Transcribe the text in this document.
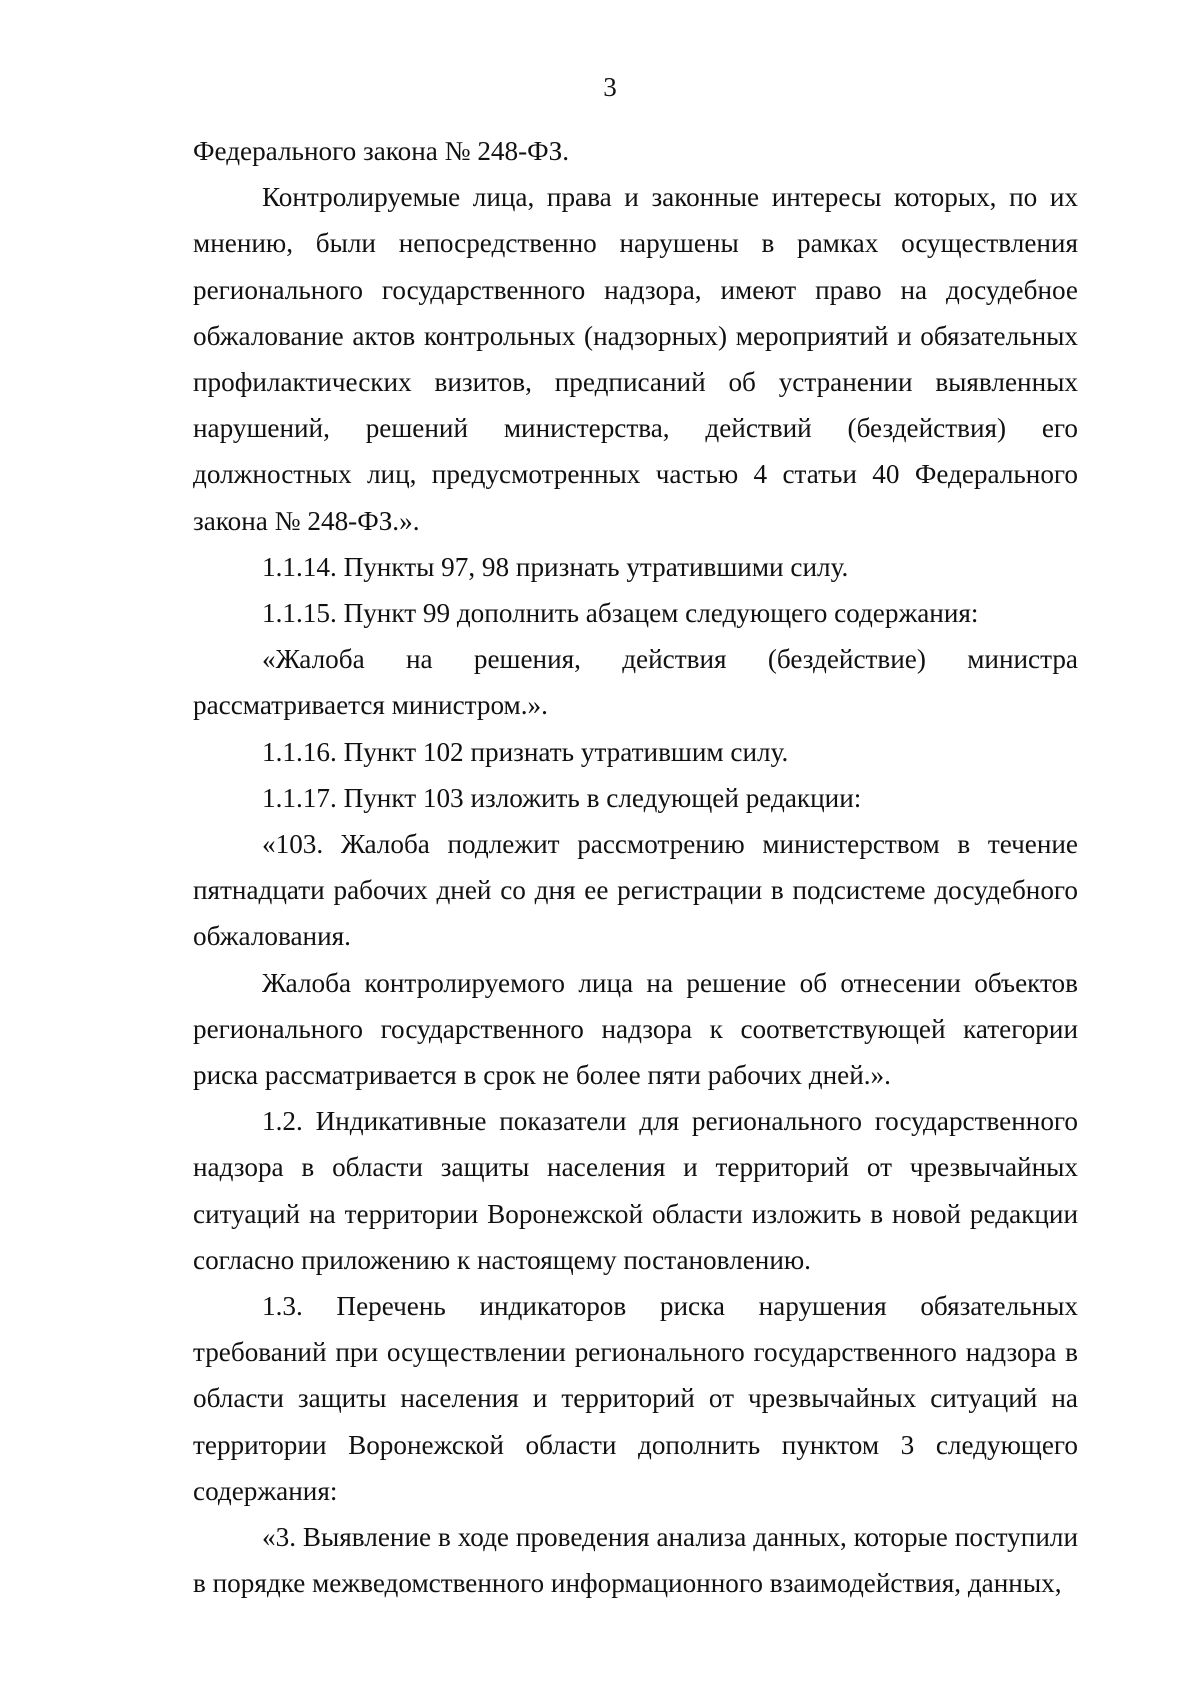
3

Федерального закона № 248-ФЗ.

Контролируемые лица, права и законные интересы которых, по их мнению, были непосредственно нарушены в рамках осуществления регионального государственного надзора, имеют право на досудебное обжалование актов контрольных (надзорных) мероприятий и обязательных профилактических визитов, предписаний об устранении выявленных нарушений, решений министерства, действий (бездействия) его должностных лиц, предусмотренных частью 4 статьи 40 Федерального закона № 248-ФЗ.».

1.1.14. Пункты 97, 98 признать утратившими силу.

1.1.15. Пункт 99 дополнить абзацем следующего содержания:

«Жалоба на решения, действия (бездействие) министра рассматривается министром.».

1.1.16. Пункт 102 признать утратившим силу.

1.1.17. Пункт 103 изложить в следующей редакции:

«103. Жалоба подлежит рассмотрению министерством в течение пятнадцати рабочих дней со дня ее регистрации в подсистеме досудебного обжалования.

Жалоба контролируемого лица на решение об отнесении объектов регионального государственного надзора к соответствующей категории риска рассматривается в срок не более пяти рабочих дней.».

1.2. Индикативные показатели для регионального государственного надзора в области защиты населения и территорий от чрезвычайных ситуаций на территории Воронежской области изложить в новой редакции согласно приложению к настоящему постановлению.

1.3. Перечень индикаторов риска нарушения обязательных требований при осуществлении регионального государственного надзора в области защиты населения и территорий от чрезвычайных ситуаций на территории Воронежской области дополнить пунктом 3 следующего содержания:

«3. Выявление в ходе проведения анализа данных, которые поступили в порядке межведомственного информационного взаимодействия, данных,
